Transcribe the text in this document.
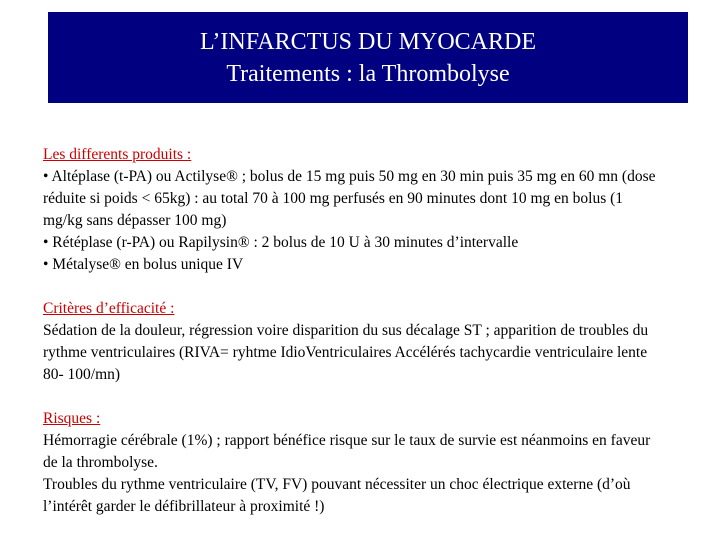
L’INFARCTUS DU MYOCARDE
Traitements : la Thrombolyse
Les differents produits :
• Altéplase (t-PA) ou Actilyse® ; bolus de 15 mg puis 50 mg en 30 min puis 35 mg en 60 mn (dose réduite si poids < 65kg) : au total 70 à 100 mg perfusés en 90 minutes dont 10 mg en bolus (1 mg/kg sans dépasser 100 mg)
• Rétéplase (r-PA) ou Rapilysin® : 2 bolus de 10 U à 30 minutes d’intervalle
• Métalyse® en bolus unique IV
Critères d’efficacité :
Sédation de la douleur, régression voire disparition du sus décalage ST ; apparition de troubles du rythme ventriculaires (RIVA= ryhtme IdioVentriculaires Accélérés tachycardie ventriculaire lente 80- 100/mn)
Risques :
Hémorragie cérébrale (1%) ; rapport bénéfice risque sur le taux de survie est néanmoins en faveur de la thrombolyse.
Troubles du rythme ventriculaire (TV, FV) pouvant nécessiter un choc électrique externe (d’où l’intérêt garder le défibrillateur à proximité !)
